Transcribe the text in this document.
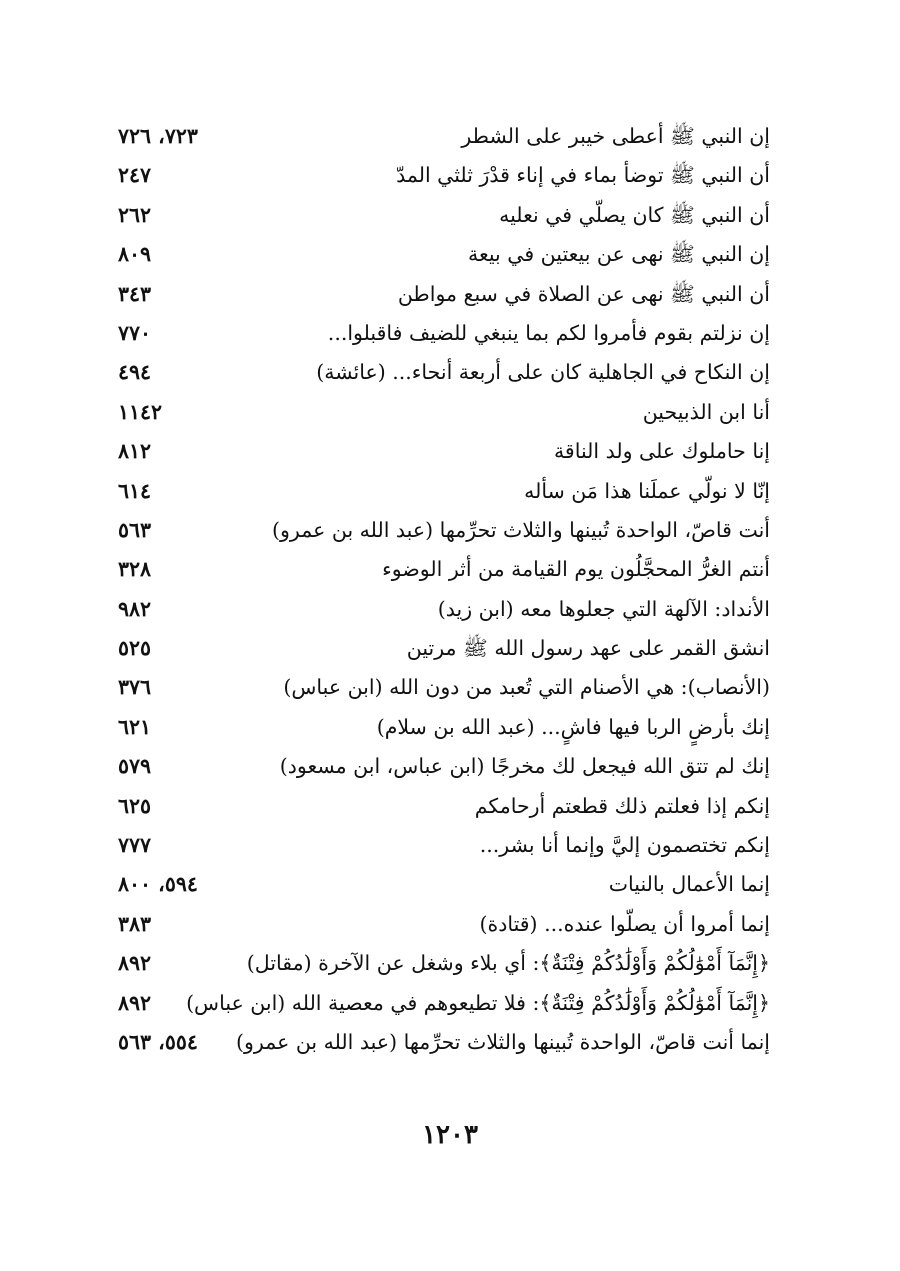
إن النبي ﷺ أعطى خيبر على الشطر
٧٢٣، ٧٢٦
أن النبي ﷺ توضأ بماء في إناء قدْرَ ثلثي المدّ
٢٤٧
أن النبي ﷺ كان يصلّي في نعليه
٢٦٢
إن النبي ﷺ نهى عن بيعتين في بيعة
٨٠٩
أن النبي ﷺ نهى عن الصلاة في سبع مواطن
٣٤٣
إن نزلتم بقوم فأمروا لكم بما ينبغي للضيف فاقبلوا...
٧٧٠
إن النكاح في الجاهلية كان على أربعة أنحاء... (عائشة)
٤٩٤
أنا ابن الذبيحين
١١٤٢
إنا حاملوك على ولد الناقة
٨١٢
إنّا لا نولّي عملَنا هذا مَن سأله
٦١٤
أنت قاصّ، الواحدة تُبينها والثلاث تحرِّمها (عبد الله بن عمرو)
٥٦٣
أنتم الغرُّ المحجَّلُون يوم القيامة من أثر الوضوء
٣٢٨
الأنداد: الآلهة التي جعلوها معه (ابن زيد)
٩٨٢
انشق القمر على عهد رسول الله ﷺ مرتين
٥٢٥
(الأنصاب): هي الأصنام التي تُعبد من دون الله (ابن عباس)
٣٧٦
إنك بأرضٍ الربا فيها فاشٍ... (عبد الله بن سلام)
٦٢١
إنك لم تتق الله فيجعل لك مخرجًا (ابن عباس، ابن مسعود)
٥٧٩
إنكم إذا فعلتم ذلك قطعتم أرحامكم
٦٢٥
إنكم تختصمون إليَّ وإنما أنا بشر...
٧٧٧
إنما الأعمال بالنيات
٥٩٤، ٨٠٠
إنما أمروا أن يصلّوا عنده... (قتادة)
٣٨٣
﴿إِنَّمَآ أَمْوَٰلُكُمْ وَأَوْلَٰدُكُمْ فِتْنَةٌ﴾: أي بلاء وشغل عن الآخرة (مقاتل)
٨٩٢
﴿إِنَّمَآ أَمْوَٰلُكُمْ وَأَوْلَٰدُكُمْ فِتْنَةٌ﴾: فلا تطيعوهم في معصية الله (ابن عباس)
٨٩٢
إنما أنت قاصّ، الواحدة تُبينها والثلاث تحرِّمها (عبد الله بن عمرو)
٥٥٤، ٥٦٣
١٢٠٣
